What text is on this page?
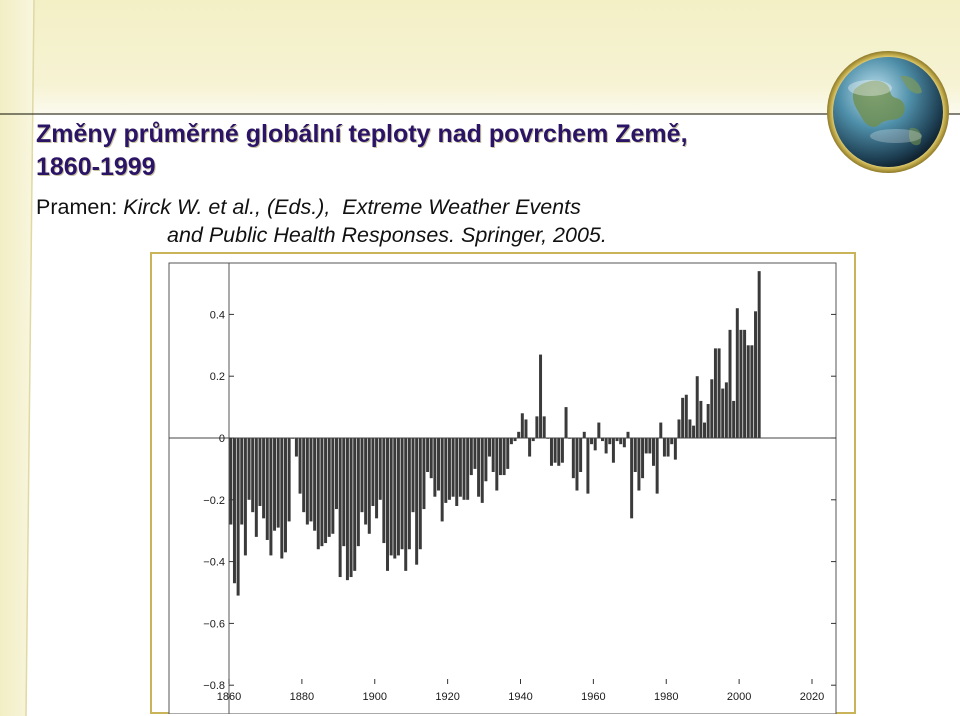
Změny průměrné globální teploty nad povrchem Země,
1860-1999

Pramen: Kirck W. et al., (Eds.),  Extreme Weather Events
and Public Health Responses. Springer, 2005.

0.4
0.2
0
−0.2
−0.4
−0.6
−0.8
1860	1880	1900	1920	1940	1960	1980	2000	2020
